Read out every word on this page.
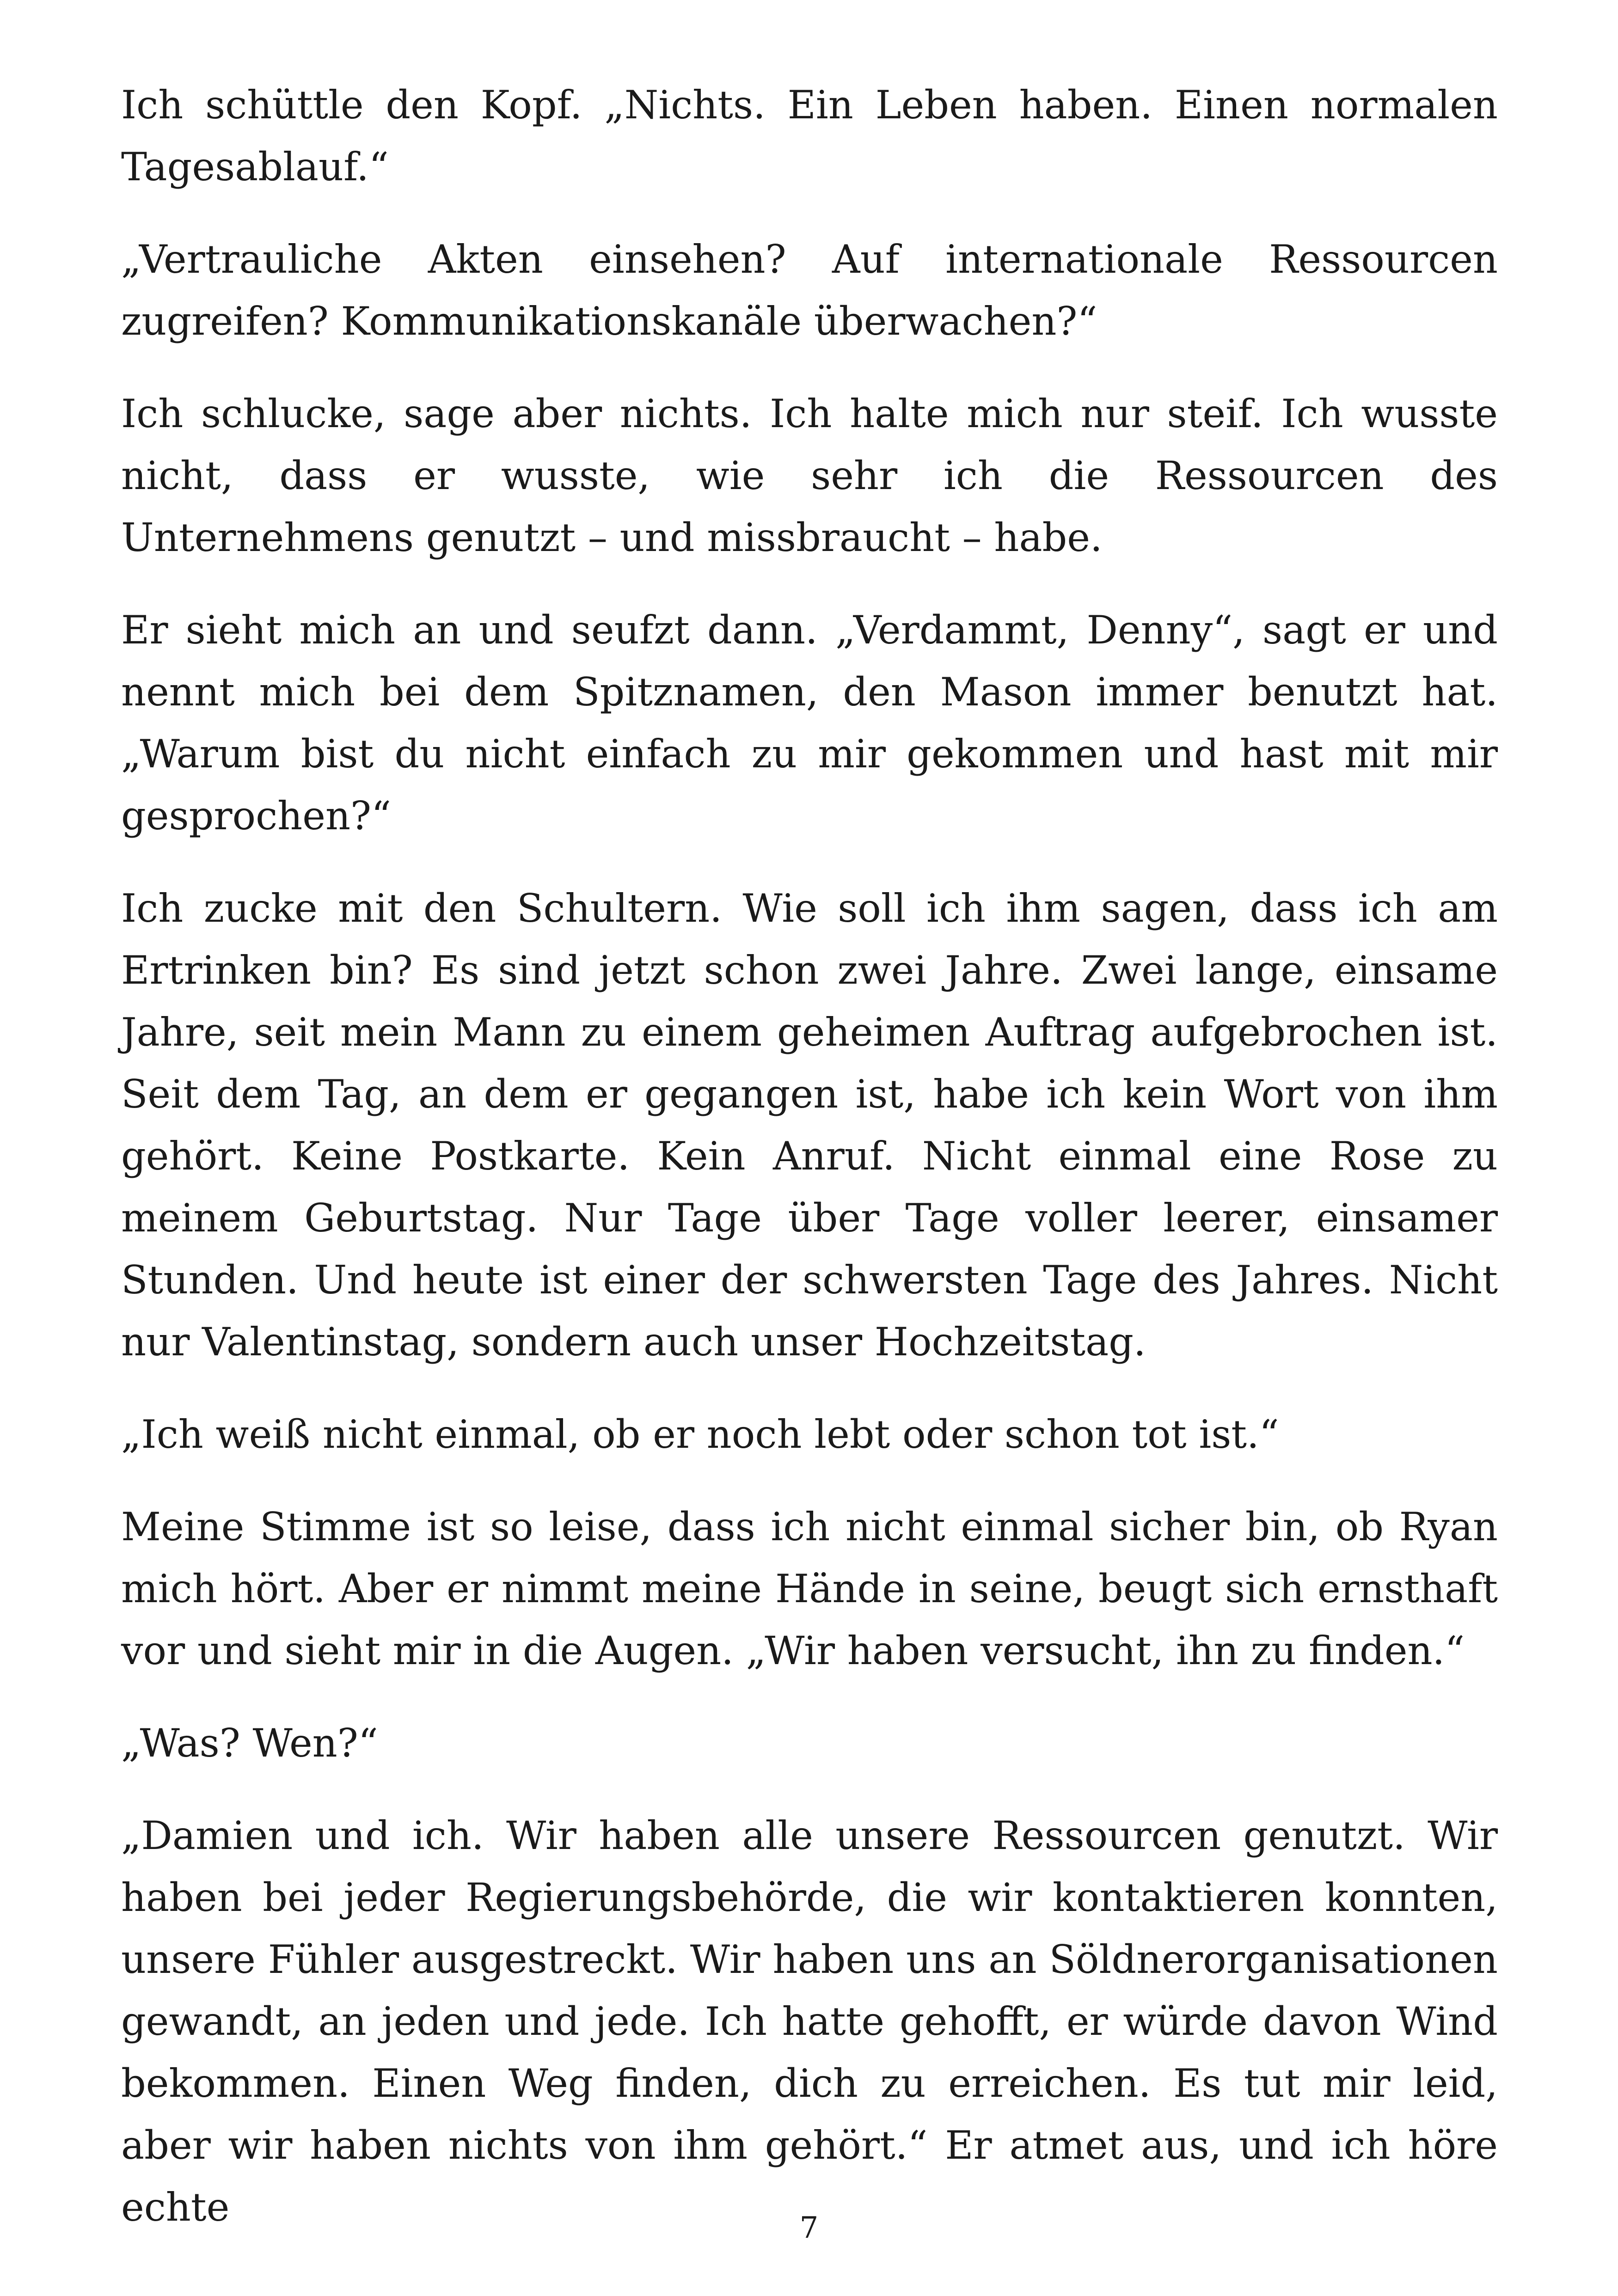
Ich schüttle den Kopf. „Nichts. Ein Leben haben. Einen normalen Tagesablauf.“

„Vertrauliche Akten einsehen? Auf internationale Ressourcen zugreifen? Kommunikationskanäle überwachen?“

Ich schlucke, sage aber nichts. Ich halte mich nur steif. Ich wusste nicht, dass er wusste, wie sehr ich die Ressourcen des Unternehmens genutzt – und missbraucht – habe.

Er sieht mich an und seufzt dann. „Verdammt, Denny“, sagt er und nennt mich bei dem Spitznamen, den Mason immer benutzt hat. „Warum bist du nicht einfach zu mir gekommen und hast mit mir gesprochen?“

Ich zucke mit den Schultern. Wie soll ich ihm sagen, dass ich am Ertrinken bin? Es sind jetzt schon zwei Jahre. Zwei lange, einsame Jahre, seit mein Mann zu einem geheimen Auftrag aufgebrochen ist. Seit dem Tag, an dem er gegangen ist, habe ich kein Wort von ihm gehört. Keine Postkarte. Kein Anruf. Nicht einmal eine Rose zu meinem Geburtstag. Nur Tage über Tage voller leerer, einsamer Stunden. Und heute ist einer der schwersten Tage des Jahres. Nicht nur Valentinstag, sondern auch unser Hochzeitstag.

„Ich weiß nicht einmal, ob er noch lebt oder schon tot ist.“

Meine Stimme ist so leise, dass ich nicht einmal sicher bin, ob Ryan mich hört. Aber er nimmt meine Hände in seine, beugt sich ernsthaft vor und sieht mir in die Augen. „Wir haben versucht, ihn zu finden.“

„Was? Wen?“

„Damien und ich. Wir haben alle unsere Ressourcen genutzt. Wir haben bei jeder Regierungsbehörde, die wir kontaktieren konnten, unsere Fühler ausgestreckt. Wir haben uns an Söldnerorganisationen gewandt, an jeden und jede. Ich hatte gehofft, er würde davon Wind bekommen. Einen Weg finden, dich zu erreichen. Es tut mir leid, aber wir haben nichts von ihm gehört.“ Er atmet aus, und ich höre echte	7
